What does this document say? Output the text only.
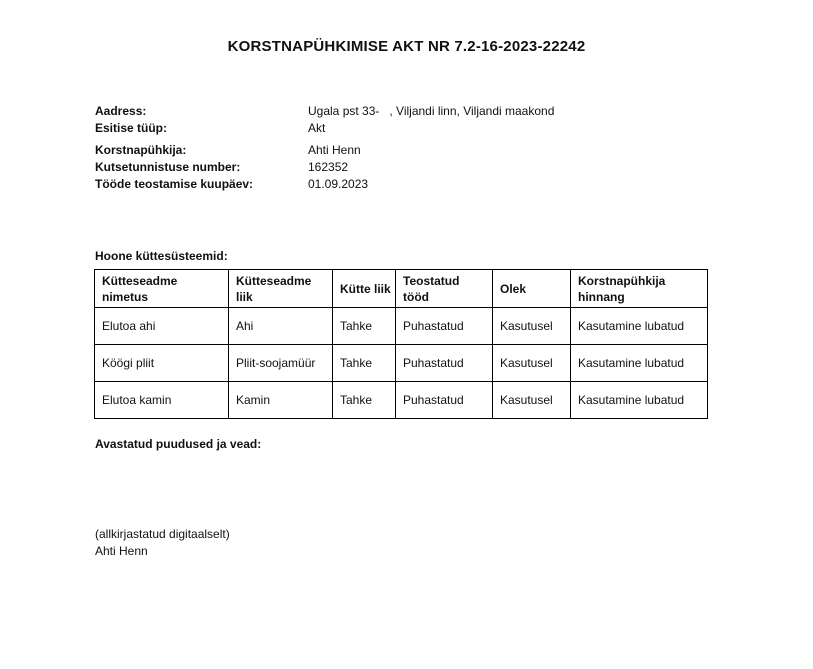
KORSTNAPÜHKIMISE AKT NR 7.2-16-2023-22242
Aadress:	Ugala pst 33-   , Viljandi linn, Viljandi maakond
Esitise tüüp:	Akt
Korstnapühkija:	Ahti Henn
Kutsetunnistuse number:	162352
Tööde teostamise kuupäev:	01.09.2023
Hoone küttesüsteemid:
Kütteseadme nimetus	Kütteseadme liik	Kütte liik	Teostatud tööd	Olek	Korstnapühkija hinnang
Elutoa ahi	Ahi	Tahke	Puhastatud	Kasutusel	Kasutamine lubatud
Köögi pliit	Pliit-soojamüür	Tahke	Puhastatud	Kasutusel	Kasutamine lubatud
Elutoa kamin	Kamin	Tahke	Puhastatud	Kasutusel	Kasutamine lubatud
Avastatud puudused ja vead:
(allkirjastatud digitaalselt)
Ahti Henn
